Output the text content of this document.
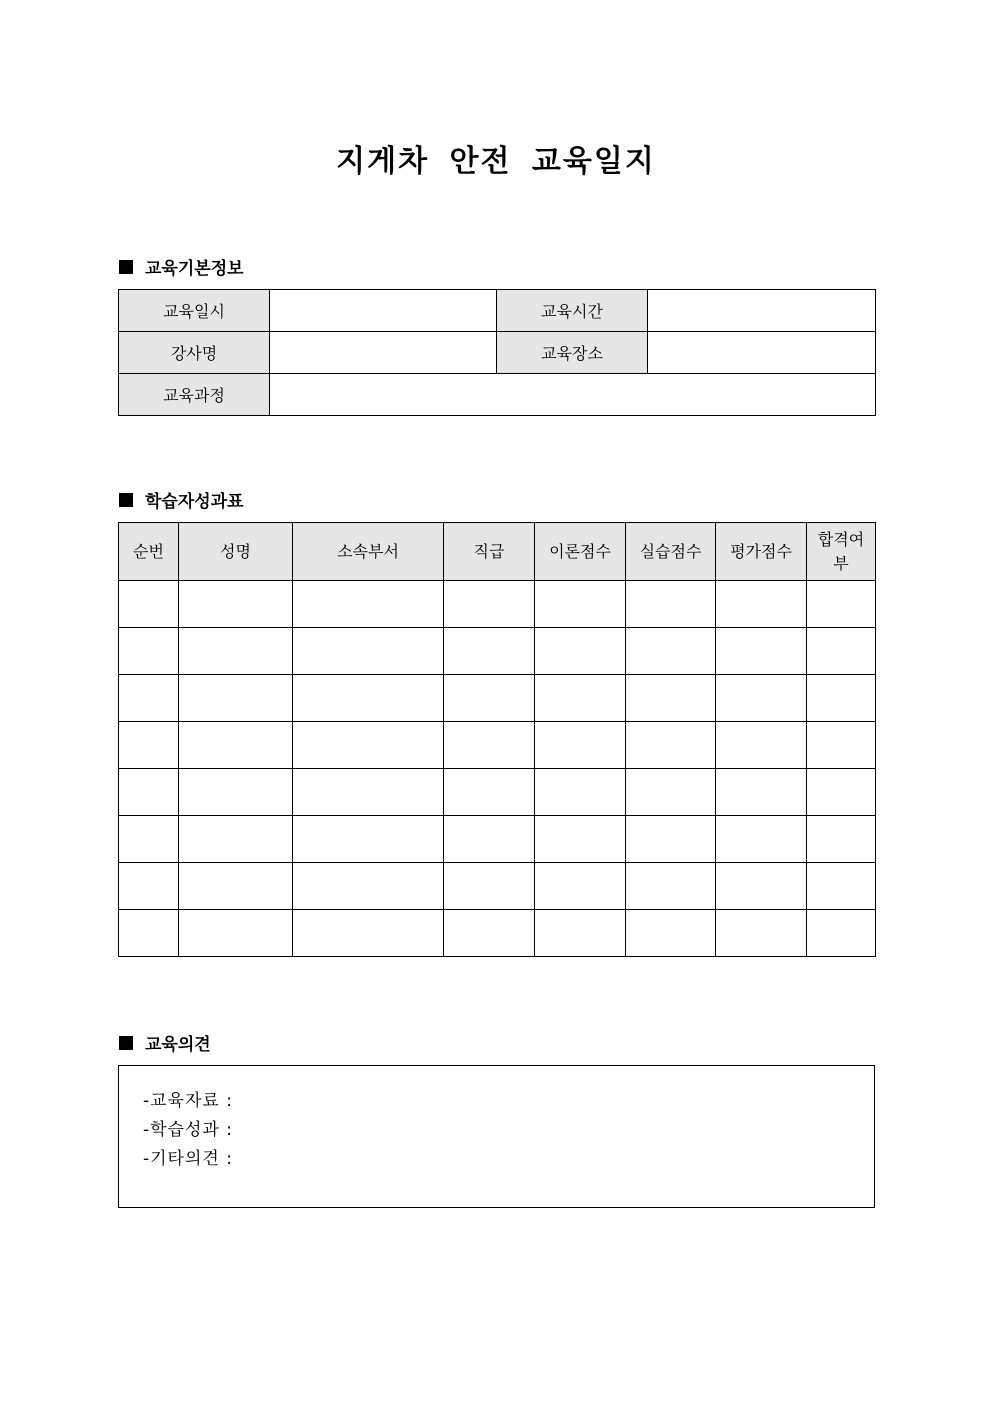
지게차 안전 교육일지
교육기본정보
교육일시		교육시간	
강사명		교육장소	
교육과정			
학습자성과표
순번	성명	소속부서	직급	이론점수	실습점수	평가점수	합격여부

교육의견
-교육자료 :
-학습성과 :
-기타의견 :
